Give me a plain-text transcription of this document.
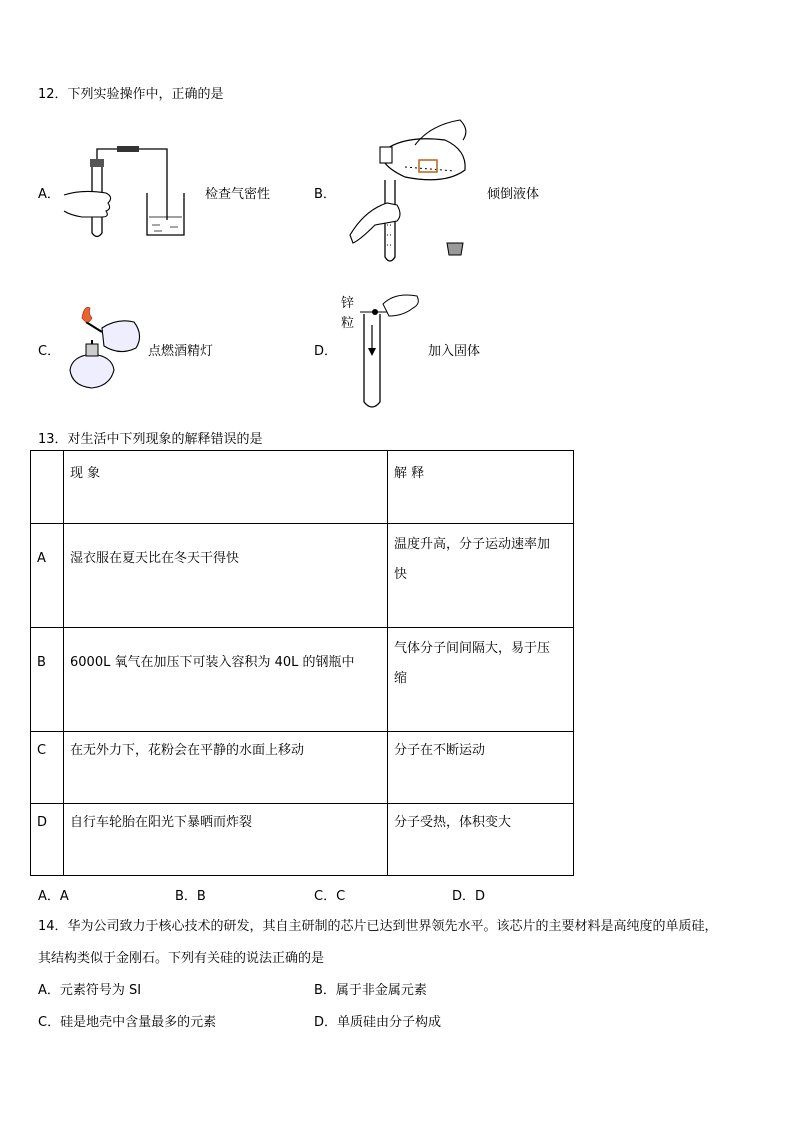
12．下列实验操作中，正确的是
A．	检查气密性	B．	倾倒液体
C．	点燃酒精灯	D．
锌
粒
加入固体
13．对生活中下列现象的解释错误的是

	现 象	解 释

A	湿衣服在夏天比在冬天干得快	温度升高，分子运动速率加
快

B	6000L 氧气在加压下可装入容积为 40L 的钢瓶中	气体分子间间隔大，易于压
缩

C	在无外力下，花粉会在平静的水面上移动	分子在不断运动

D	自行车轮胎在阳光下暴晒而炸裂	分子受热，体积变大
A．A	B．B	C．C	D．D
14．华为公司致力于核心技术的研发，其自主研制的芯片已达到世界领先水平。该芯片的主要材料是高纯度的单质硅，
其结构类似于金刚石。下列有关硅的说法正确的是
A．元素符号为 SI	B．属于非金属元素
C．硅是地壳中含量最多的元素	D．单质硅由分子构成
